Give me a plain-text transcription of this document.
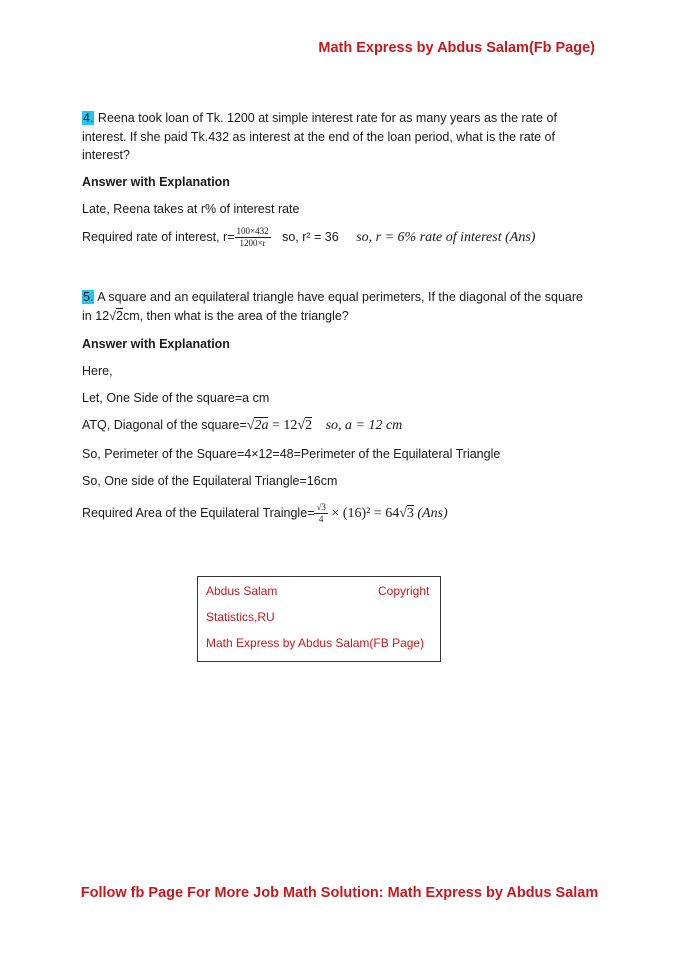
Math Express by Abdus Salam(Fb Page)
4. Reena took loan of Tk. 1200 at simple interest rate for as many years as the rate of
interest. If she paid Tk.432 as interest at the end of the loan period, what is the rate of
interest?
Answer with Explanation
Late, Reena takes at r% of interest rate
Required rate of interest, $r= \frac{100\times 432}{1200\times r}$ so, r² = 36 so, r = 6% rate of interest (Ans)
5. A square and an equilateral triangle have equal perimeters, If the diagonal of the square
in 12√2cm, then what is the area of the triangle?
Answer with Explanation
Here,
Let, One Side of the square=a cm
ATQ, Diagonal of the square=√2a = 12√2 so, a = 12 cm
So, Perimeter of the Square=4×12=48=Perimeter of the Equilateral Triangle
So, One side of the Equilateral Triangle=16cm
Required Area of the Equilateral Traingle= $\frac{√3}{4} \times (16)^2 = 64√3$ (Ans)
Abdus Salam	Copyright
Statistics,RU
Math Express by Abdus Salam(FB Page)
Follow fb Page For More Job Math Solution: Math Express by Abdus Salam
